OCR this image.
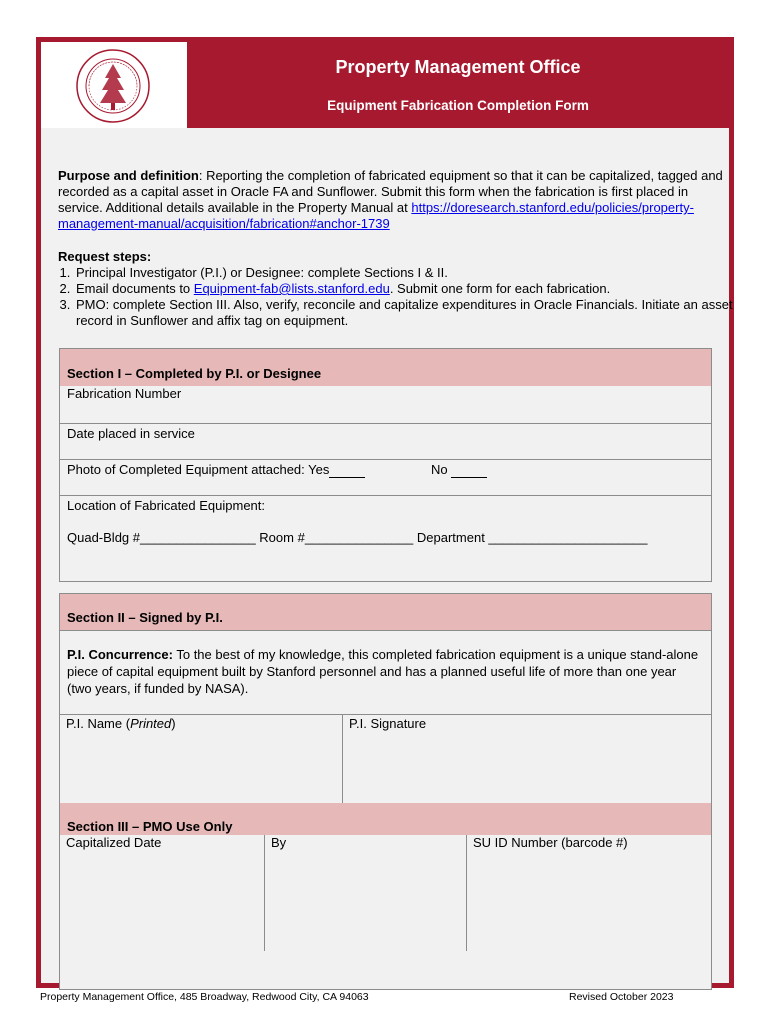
Property Management Office
Equipment Fabrication Completion Form
Purpose and definition: Reporting the completion of fabricated equipment so that it can be capitalized, tagged and recorded as a capital asset in Oracle FA and Sunflower. Submit this form when the fabrication is first placed in service. Additional details available in the Property Manual at https://doresearch.stanford.edu/policies/property-management-manual/acquisition/fabrication#anchor-1739
Request steps:
1. Principal Investigator (P.I.) or Designee: complete Sections I & II.
2. Email documents to Equipment-fab@lists.stanford.edu. Submit one form for each fabrication.
3. PMO: complete Section III. Also, verify, reconcile and capitalize expenditures in Oracle Financials. Initiate an asset record in Sunflower and affix tag on equipment.
Section I – Completed by P.I. or Designee
Fabrication Number
Date placed in service
Photo of Completed Equipment attached: Yes	No
Location of Fabricated Equipment:
Quad-Bldg #________________ Room #_______________ Department ______________________
Section II – Signed by P.I.
P.I. Concurrence: To the best of my knowledge, this completed fabrication equipment is a unique stand-alone piece of capital equipment built by Stanford personnel and has a planned useful life of more than one year (two years, if funded by NASA).
P.I. Name (Printed)	P.I. Signature
Section III – PMO Use Only
Capitalized Date	By	SU ID Number (barcode #)
Property Management Office, 485 Broadway, Redwood City, CA 94063	Revised October 2023
